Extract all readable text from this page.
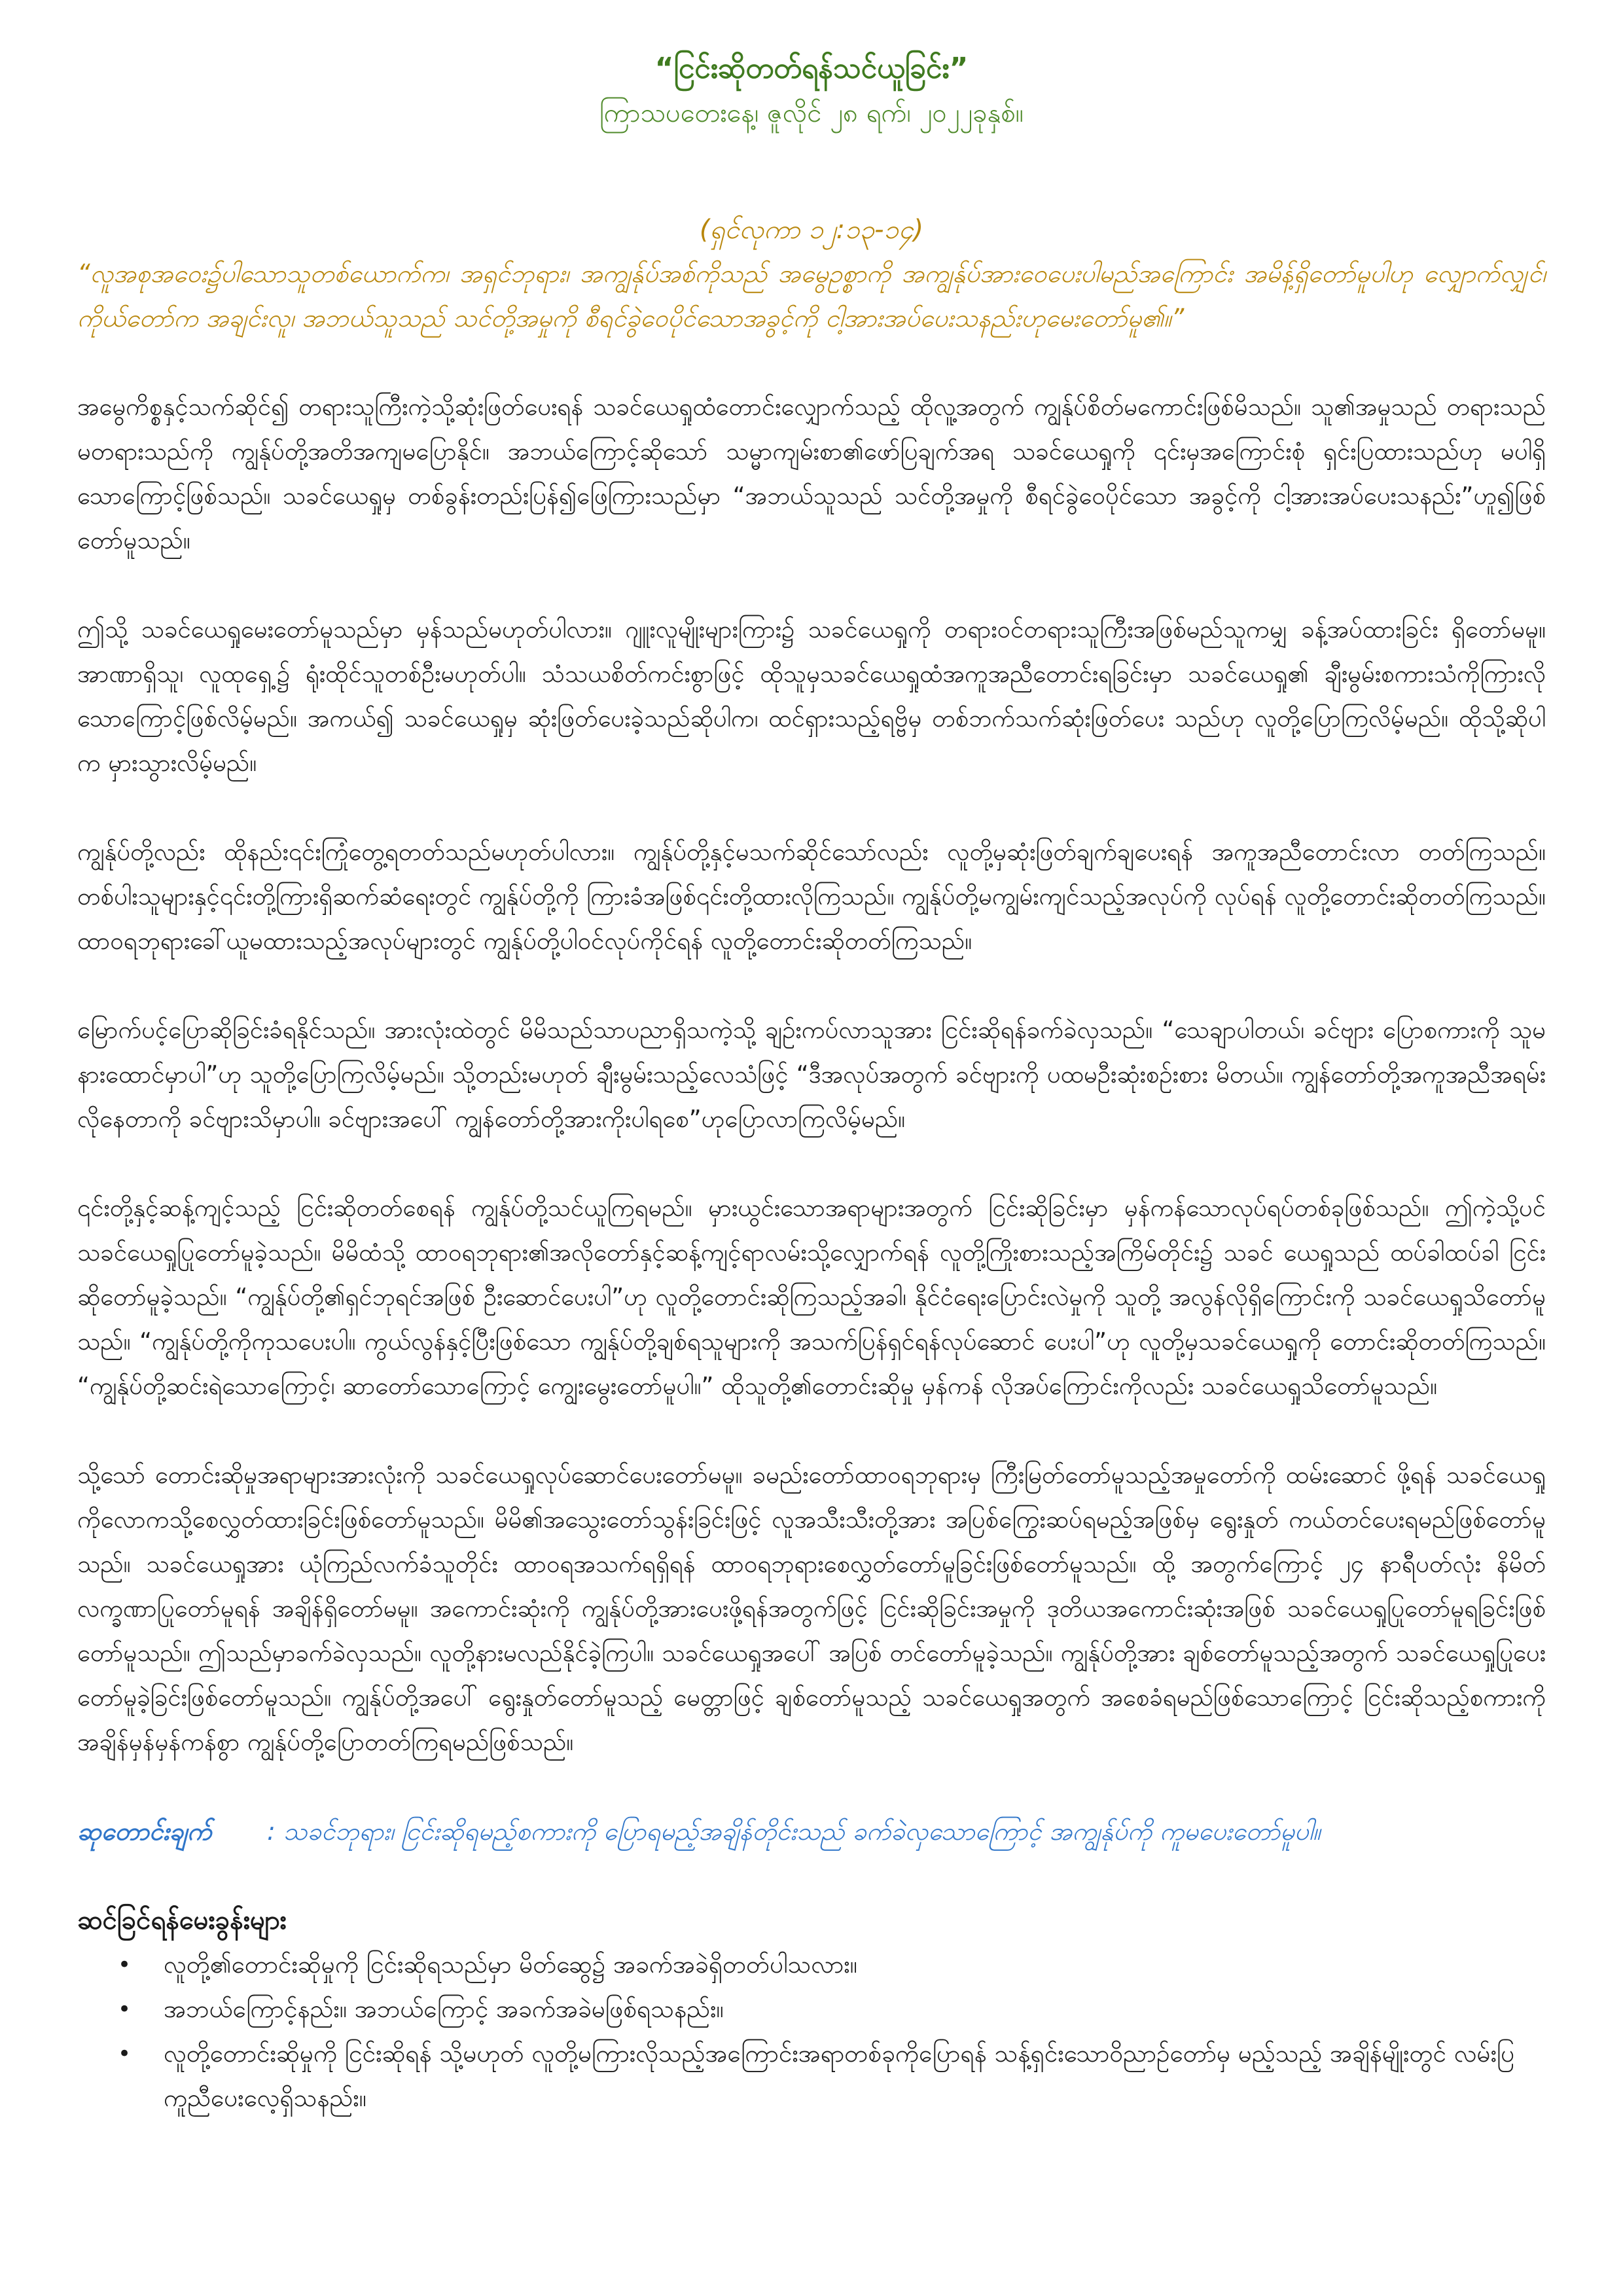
“ငြင်းဆိုတတ်ရန်သင်ယူခြင်း”

ကြာသပတေးနေ့၊ ဇူလိုင် ၂၈ ရက်၊ ၂၀၂၂ခုနှစ်။

(ရှင်လုကာ ၁၂:၁၃-၁၄)

“လူအစုအဝေး၌ပါသောသူတစ်ယောက်က၊ အရှင်ဘုရား၊ အကျွန်ုပ်အစ်ကိုသည် အမွေဥစ္စာကို အကျွန်ုပ်အားဝေပေးပါမည်အကြောင်း အမိန့်ရှိတော်မူပါဟု လျှောက်လျှင်၊ ကိုယ်တော်က အချင်းလူ၊ အဘယ်သူသည် သင်တို့အမှုကို စီရင်ခွဲဝေပိုင်သောအခွင့်ကို ငါ့အားအပ်ပေးသနည်းဟုမေးတော်မူ၏။”

အမွေကိစ္စနှင့်သက်ဆိုင်၍ တရားသူကြီးကဲ့သို့ဆုံးဖြတ်ပေးရန် သခင်ယေရှုထံတောင်းလျှောက်သည့် ထိုလူ့အတွက် ကျွန်ုပ်စိတ်မကောင်းဖြစ်မိသည်။ သူ၏အမှုသည် တရားသည် မတရားသည်ကို ကျွန်ုပ်တို့အတိအကျမပြောနိုင်။ အဘယ်ကြောင့်ဆိုသော် သမ္မာကျမ်းစာ၏ဖော်ပြချက်အရ သခင်ယေရှုကို ၎င်းမှအကြောင်းစုံ ရှင်းပြထားသည်ဟု မပါရှိသောကြောင့်ဖြစ်သည်။ သခင်ယေရှုမှ တစ်ခွန်းတည်းပြန်၍ဖြေကြားသည်မှာ “အဘယ်သူသည် သင်တို့အမှုကို စီရင်ခွဲဝေပိုင်သော အခွင့်ကို ငါ့အားအပ်ပေးသနည်း”ဟူ၍ဖြစ်တော်မူသည်။

ဤသို့ သခင်ယေရှုမေးတော်မူသည်မှာ မှန်သည်မဟုတ်ပါလား။ ဂျူးလူမျိုးများကြား၌ သခင်ယေရှုကို တရားဝင်တရားသူကြီးအဖြစ်မည်သူကမျှ ခန့်အပ်ထားခြင်း ရှိတော်မမူ။ အာဏာရှိသူ၊ လူထုရှေ့၌ ရုံးထိုင်သူတစ်ဦးမဟုတ်ပါ။ သံသယစိတ်ကင်းစွာဖြင့် ထိုသူမှသခင်ယေရှုထံအကူအညီတောင်းရခြင်းမှာ သခင်ယေရှု၏ ချီးမွမ်းစကားသံကိုကြားလိုသောကြောင့်ဖြစ်လိမ့်မည်။ အကယ်၍ သခင်ယေရှုမှ ဆုံးဖြတ်ပေးခဲ့သည်ဆိုပါက၊ ထင်ရှားသည့်ရဗ္ဗိမှ တစ်ဘက်သက်ဆုံးဖြတ်ပေး သည်ဟု လူတို့ပြောကြလိမ့်မည်။ ထိုသို့ဆိုပါက မှားသွားလိမ့်မည်။

ကျွန်ုပ်တို့လည်း ထိုနည်း၎င်းကြုံတွေ့ရတတ်သည်မဟုတ်ပါလား။ ကျွန်ုပ်တို့နှင့်မသက်ဆိုင်သော်လည်း လူတို့မှဆုံးဖြတ်ချက်ချပေးရန် အကူအညီတောင်းလာ တတ်ကြသည်။ တစ်ပါးသူများနှင့်၎င်းတို့ကြားရှိဆက်ဆံရေးတွင် ကျွန်ုပ်တို့ကို ကြားခံအဖြစ်၎င်းတို့ထားလိုကြသည်။ ကျွန်ုပ်တို့မကျွမ်းကျင်သည့်အလုပ်ကို လုပ်ရန် လူတို့တောင်းဆိုတတ်ကြသည်။ ထာဝရဘုရားခေါ်ယူမထားသည့်အလုပ်များတွင် ကျွန်ုပ်တို့ပါဝင်လုပ်ကိုင်ရန် လူတို့တောင်းဆိုတတ်ကြသည်။

မြောက်ပင့်ပြောဆိုခြင်းခံရနိုင်သည်။ အားလုံးထဲတွင် မိမိသည်သာပညာရှိသကဲ့သို့ ချဉ်းကပ်လာသူအား ငြင်းဆိုရန်ခက်ခဲလှသည်။ “သေချာပါတယ်၊ ခင်ဗျား ပြောစကားကို သူမ နားထောင်မှာပါ”ဟု သူတို့ပြောကြလိမ့်မည်။ သို့တည်းမဟုတ် ချီးမွမ်းသည့်လေသံဖြင့် “ဒီအလုပ်အတွက် ခင်ဗျားကို ပထမဦးဆုံးစဉ်းစား မိတယ်။ ကျွန်တော်တို့အကူအညီအရမ်းလိုနေတာကို ခင်ဗျားသိမှာပါ။ ခင်ဗျားအပေါ် ကျွန်တော်တို့အားကိုးပါရစေ”ဟုပြောလာကြလိမ့်မည်။

၎င်းတို့နှင့်ဆန့်ကျင့်သည့် ငြင်းဆိုတတ်စေရန် ကျွန်ုပ်တို့သင်ယူကြရမည်။ မှားယွင်းသောအရာများအတွက် ငြင်းဆိုခြင်းမှာ မှန်ကန်သောလုပ်ရပ်တစ်ခုဖြစ်သည်။ ဤကဲ့သို့ပင် သခင်ယေရှုပြုတော်မူခဲ့သည်။ မိမိထံသို့ ထာဝရဘုရား၏အလိုတော်နှင့်ဆန့်ကျင့်ရာလမ်းသို့လျှောက်ရန် လူတို့ကြိုးစားသည့်အကြိမ်တိုင်း၌ သခင် ယေရှုသည် ထပ်ခါထပ်ခါ ငြင်းဆိုတော်မူခဲ့သည်။ “ကျွန်ုပ်တို့၏ရှင်ဘုရင်အဖြစ် ဦးဆောင်ပေးပါ”ဟု လူတို့တောင်းဆိုကြသည့်အခါ၊ နိုင်ငံရေးပြောင်းလဲမှုကို သူတို့ အလွန်လိုရှိကြောင်းကို သခင်ယေရှုသိတော်မူသည်။ “ကျွန်ုပ်တို့ကိုကုသပေးပါ။ ကွယ်လွန်နှင့်ပြီးဖြစ်သော ကျွန်ုပ်တို့ချစ်ရသူများကို အသက်ပြန်ရှင်ရန်လုပ်ဆောင် ပေးပါ”ဟု လူတို့မှသခင်ယေရှုကို တောင်းဆိုတတ်ကြသည်။ “ကျွန်ုပ်တို့ဆင်းရဲသောကြောင့်၊ ဆာတော်သောကြောင့် ကျွေးမွေးတော်မူပါ။” ထိုသူတို့၏တောင်းဆိုမှု မှန်ကန် လိုအပ်ကြောင်းကိုလည်း သခင်ယေရှုသိတော်မူသည်။

သို့သော် တောင်းဆိုမှုအရာများအားလုံးကို သခင်ယေရှုလုပ်ဆောင်ပေးတော်မမူ။ ခမည်းတော်ထာဝရဘုရားမှ ကြီးမြတ်တော်မူသည့်အမှုတော်ကို ထမ်းဆောင် ဖို့ရန် သခင်ယေရှုကိုလောကသို့စေလွှတ်ထားခြင်းဖြစ်တော်မူသည်။ မိမိ၏အသွေးတော်သွန်းခြင်းဖြင့် လူအသီးသီးတို့အား အပြစ်ကြွေးဆပ်ရမည့်အဖြစ်မှ ရွေးနှုတ် ကယ်တင်ပေးရမည်ဖြစ်တော်မူသည်။ သခင်ယေရှုအား ယုံကြည်လက်ခံသူတိုင်း ထာဝရအသက်ရရှိရန် ထာဝရဘုရားစေလွှတ်တော်မူခြင်းဖြစ်တော်မူသည်။ ထို့ အတွက်ကြောင့် ၂၄ နာရီပတ်လုံး နိမိတ်လက္ခဏာပြုတော်မူရန် အချိန်ရှိတော်မမူ။ အကောင်းဆုံးကို ကျွန်ုပ်တို့အားပေးဖို့ရန်အတွက်ဖြင့် ငြင်းဆိုခြင်းအမှုကို ဒုတိယအကောင်းဆုံးအဖြစ် သခင်ယေရှုပြုတော်မူရခြင်းဖြစ်တော်မူသည်။ ဤသည်မှာခက်ခဲလှသည်။ လူတို့နားမလည်နိုင်ခဲ့ကြပါ။ သခင်ယေရှုအပေါ် အပြစ် တင်တော်မူခဲ့သည်။ ကျွန်ုပ်တို့အား ချစ်တော်မူသည့်အတွက် သခင်ယေရှုပြုပေးတော်မူခဲ့ခြင်းဖြစ်တော်မူသည်။ ကျွန်ုပ်တို့အပေါ် ရွေးနှုတ်တော်မူသည့် မေတ္တာဖြင့် ချစ်တော်မူသည့် သခင်ယေရှုအတွက် အစေခံရမည်ဖြစ်သောကြောင့် ငြင်းဆိုသည့်စကားကို အချိန်မှန်မှန်ကန်စွာ ကျွန်ုပ်တို့ပြောတတ်ကြရမည်ဖြစ်သည်။

ဆုတောင်းချက်	: သခင်ဘုရား၊ ငြင်းဆိုရမည့်စကားကို ပြောရမည့်အချိန်တိုင်းသည် ခက်ခဲလှသောကြောင့် အကျွန်ုပ်ကို ကူမပေးတော်မူပါ။

ဆင်ခြင်ရန်မေးခွန်းများ

• လူတို့၏တောင်းဆိုမှုကို ငြင်းဆိုရသည်မှာ မိတ်ဆွေ၌ အခက်အခဲရှိတတ်ပါသလား။
• အဘယ်ကြောင့်နည်း။ အဘယ်ကြောင့် အခက်အခဲမဖြစ်ရသနည်း။
• လူတို့တောင်းဆိုမှုကို ငြင်းဆိုရန် သို့မဟုတ် လူတို့မကြားလိုသည့်အကြောင်းအရာတစ်ခုကိုပြောရန် သန့်ရှင်းသောဝိညာဉ်တော်မှ မည့်သည့် အချိန်မျိုးတွင် လမ်းပြကူညီပေးလေ့ရှိသနည်း။
